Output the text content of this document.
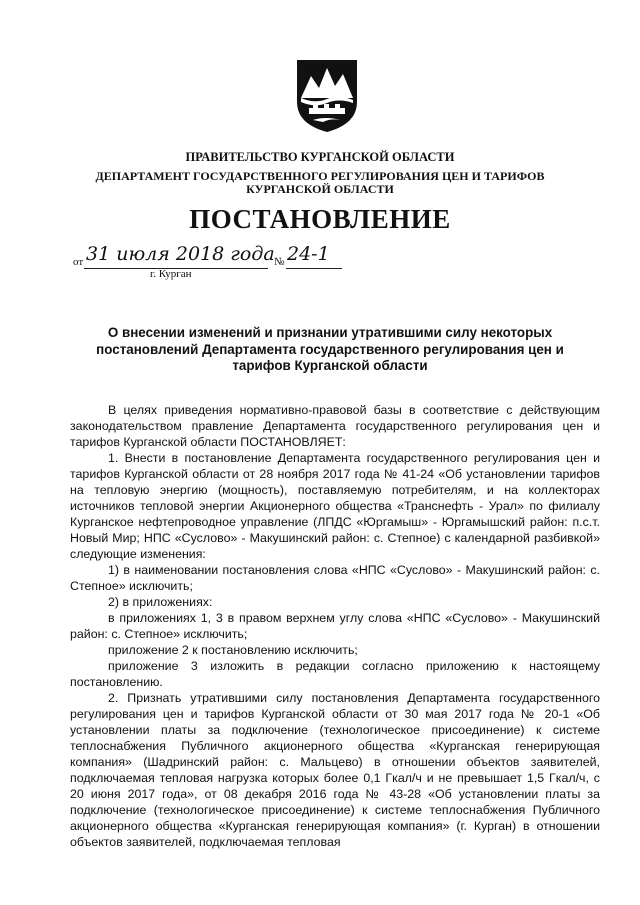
ПРАВИТЕЛЬСТВО КУРГАНСКОЙ ОБЛАСТИ
ДЕПАРТАМЕНТ ГОСУДАРСТВЕННОГО РЕГУЛИРОВАНИЯ ЦЕН И ТАРИФОВ
КУРГАНСКОЙ ОБЛАСТИ
ПОСТАНОВЛЕНИЕ
от 31 июля 2018 года № 24-1
г. Курган
О внесении изменений и признании утратившими силу некоторых постановлений Департамента государственного регулирования цен и тарифов Курганской области

В целях приведения нормативно-правовой базы в соответствие с действующим законодательством правление Департамента государственного регулирования цен и тарифов Курганской области ПОСТАНОВЛЯЕТ:

1. Внести в постановление Департамента государственного регулирования цен и тарифов Курганской области от 28 ноября 2017 года № 41-24 «Об установлении тарифов на тепловую энергию (мощность), поставляемую потребителям, и на коллекторах источников тепловой энергии Акционерного общества «Транснефть - Урал» по филиалу Курганское нефтепроводное управление (ЛПДС «Юргамыш» - Юргамышский район: п.с.т. Новый Мир; НПС «Суслово» - Макушинский район: с. Степное) с календарной разбивкой» следующие изменения:

1) в наименовании постановления слова «НПС «Суслово» - Макушинский район: с. Степное» исключить;

2) в приложениях:

в приложениях 1, 3 в правом верхнем углу слова «НПС «Суслово» - Макушинский район: с. Степное» исключить;

приложение 2 к постановлению исключить;

приложение 3 изложить в редакции согласно приложению к настоящему постановлению.

2. Признать утратившими силу постановления Департамента государственного регулирования цен и тарифов Курганской области от 30 мая 2017 года № 20-1 «Об установлении платы за подключение (технологическое присоединение) к системе теплоснабжения Публичного акционерного общества «Курганская генерирующая компания» (Шадринский район: с. Мальцево) в отношении объектов заявителей, подключаемая тепловая нагрузка которых более 0,1 Гкал/ч и не превышает 1,5 Гкал/ч, с 20 июня 2017 года», от 08 декабря 2016 года № 43-28 «Об установлении платы за подключение (технологическое присоединение) к системе теплоснабжения Публичного акционерного общества «Курганская генерирующая компания» (г. Курган) в отношении объектов заявителей, подключаемая тепловая
